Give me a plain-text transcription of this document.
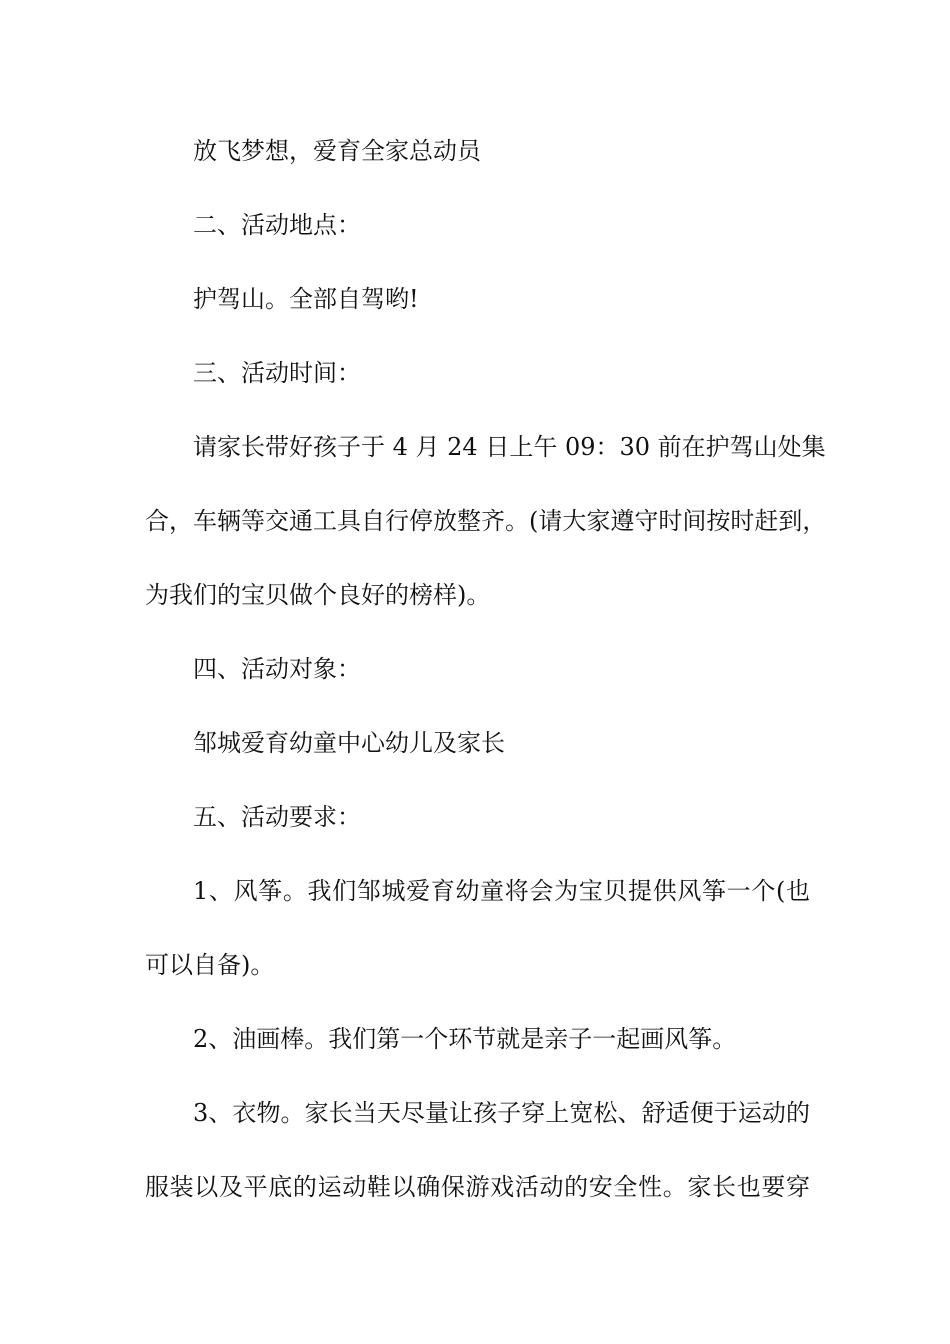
放飞梦想，爱育全家总动员
二、活动地点：
护驾山。全部自驾哟!
三、活动时间：
请家长带好孩子于 4 月 24 日上午 09：30 前在护驾山处集
合，车辆等交通工具自行停放整齐。(请大家遵守时间按时赶到，
为我们的宝贝做个良好的榜样)。
四、活动对象：
邹城爱育幼童中心幼儿及家长
五、活动要求：
1、风筝。我们邹城爱育幼童将会为宝贝提供风筝一个(也
可以自备)。
2、油画棒。我们第一个环节就是亲子一起画风筝。
3、衣物。家长当天尽量让孩子穿上宽松、舒适便于运动的
服装以及平底的运动鞋以确保游戏活动的安全性。家长也要穿
